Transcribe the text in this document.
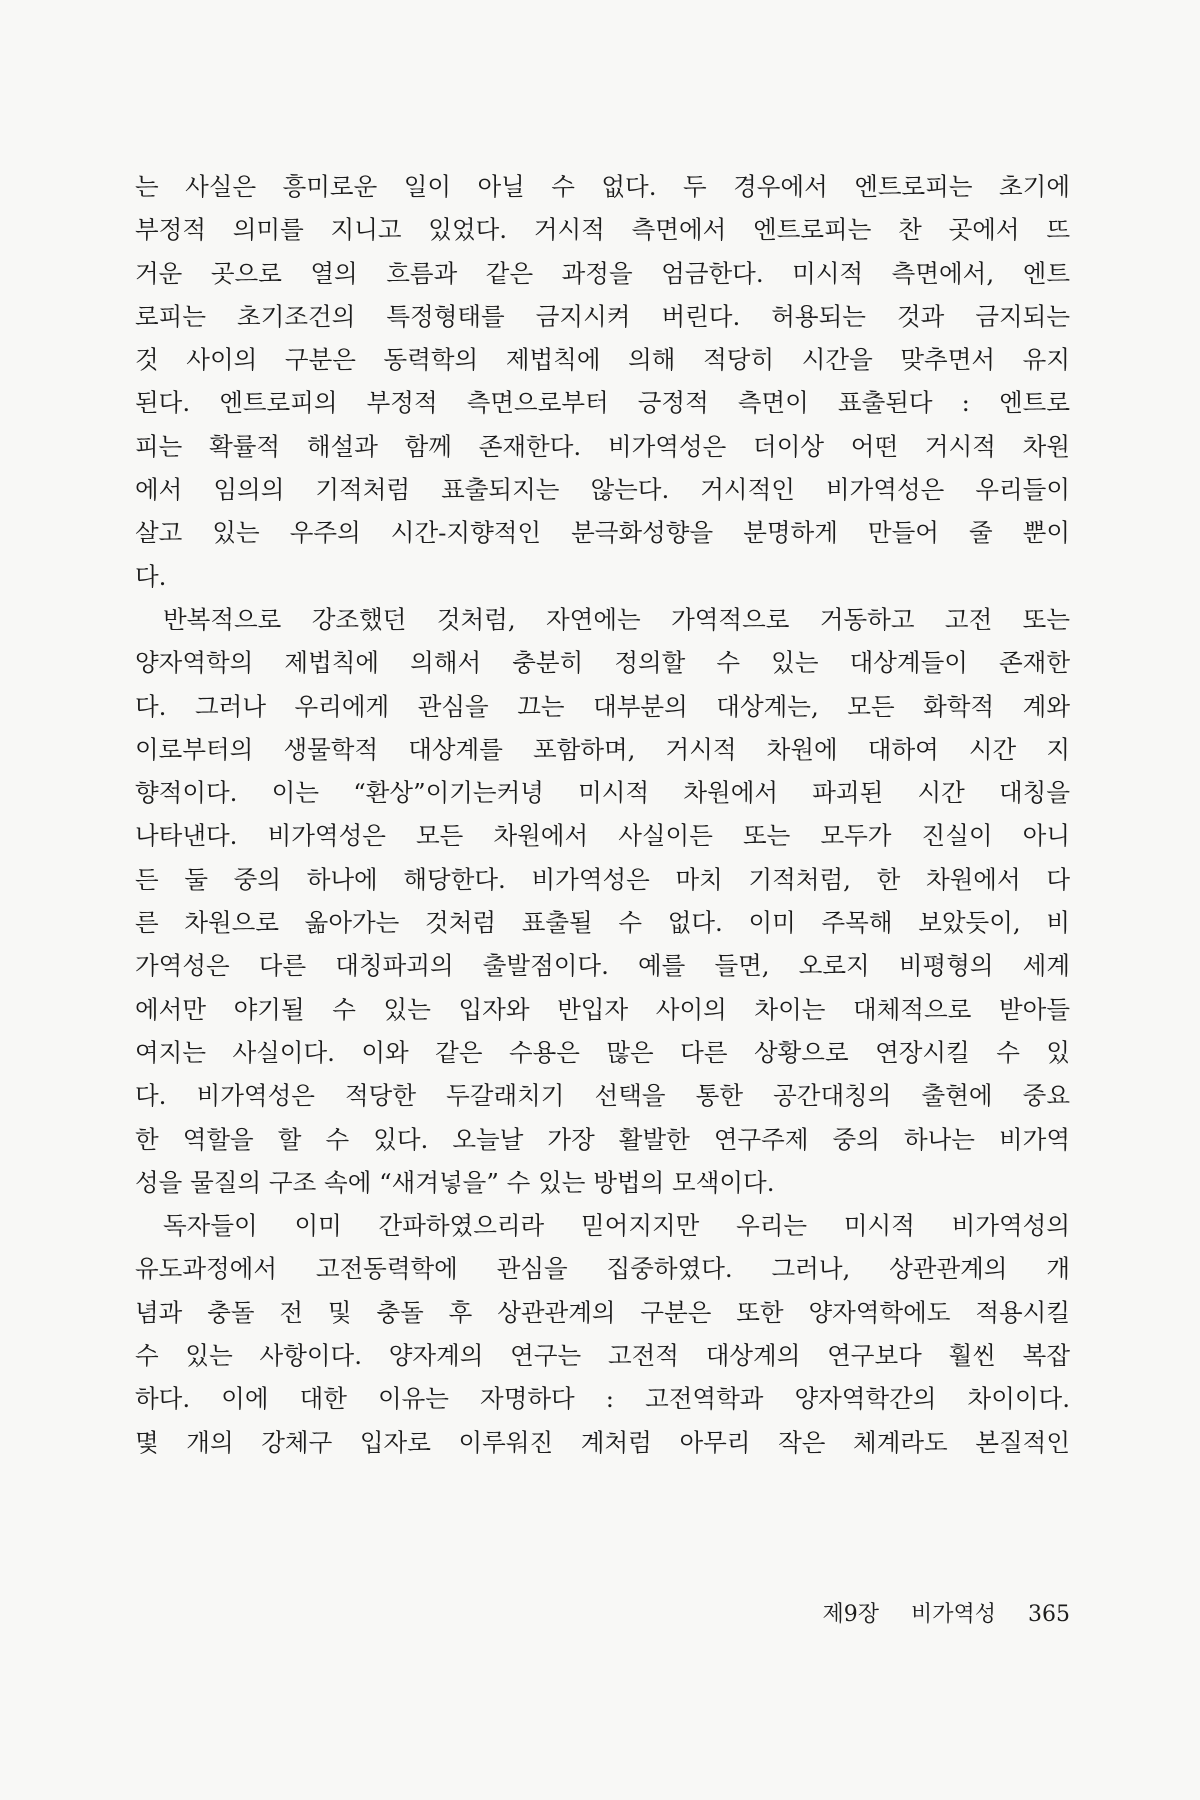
는 사실은 흥미로운 일이 아닐 수 없다. 두 경우에서 엔트로피는 초기에
부정적 의미를 지니고 있었다. 거시적 측면에서 엔트로피는 찬 곳에서 뜨
거운 곳으로 열의 흐름과 같은 과정을 엄금한다. 미시적 측면에서, 엔트
로피는 초기조건의 특정형태를 금지시켜 버린다. 허용되는 것과 금지되는
것 사이의 구분은 동력학의 제법칙에 의해 적당히 시간을 맞추면서 유지
된다. 엔트로피의 부정적 측면으로부터 긍정적 측면이 표출된다 : 엔트로
피는 확률적 해설과 함께 존재한다. 비가역성은 더이상 어떤 거시적 차원
에서 임의의 기적처럼 표출되지는 않는다. 거시적인 비가역성은 우리들이
살고 있는 우주의 시간-지향적인 분극화성향을 분명하게 만들어 줄 뿐이
다.
반복적으로 강조했던 것처럼, 자연에는 가역적으로 거동하고 고전 또는
양자역학의 제법칙에 의해서 충분히 정의할 수 있는 대상계들이 존재한
다. 그러나 우리에게 관심을 끄는 대부분의 대상계는, 모든 화학적 계와
이로부터의 생물학적 대상계를 포함하며, 거시적 차원에 대하여 시간 지
향적이다. 이는 “환상”이기는커녕 미시적 차원에서 파괴된 시간 대칭을
나타낸다. 비가역성은 모든 차원에서 사실이든 또는 모두가 진실이 아니
든 둘 중의 하나에 해당한다. 비가역성은 마치 기적처럼, 한 차원에서 다
른 차원으로 옮아가는 것처럼 표출될 수 없다. 이미 주목해 보았듯이, 비
가역성은 다른 대칭파괴의 출발점이다. 예를 들면, 오로지 비평형의 세계
에서만 야기될 수 있는 입자와 반입자 사이의 차이는 대체적으로 받아들
여지는 사실이다. 이와 같은 수용은 많은 다른 상황으로 연장시킬 수 있
다. 비가역성은 적당한 두갈래치기 선택을 통한 공간대칭의 출현에 중요
한 역할을 할 수 있다. 오늘날 가장 활발한 연구주제 중의 하나는 비가역
성을 물질의 구조 속에 “새겨넣을” 수 있는 방법의 모색이다.
독자들이 이미 간파하였으리라 믿어지지만 우리는 미시적 비가역성의
유도과정에서 고전동력학에 관심을 집중하였다. 그러나, 상관관계의 개
념과 충돌 전 및 충돌 후 상관관계의 구분은 또한 양자역학에도 적용시킬
수 있는 사항이다. 양자계의 연구는 고전적 대상계의 연구보다 훨씬 복잡
하다. 이에 대한 이유는 자명하다 : 고전역학과 양자역학간의 차이이다.
몇 개의 강체구 입자로 이루워진 계처럼 아무리 작은 체계라도 본질적인
제9장 비가역성 365
